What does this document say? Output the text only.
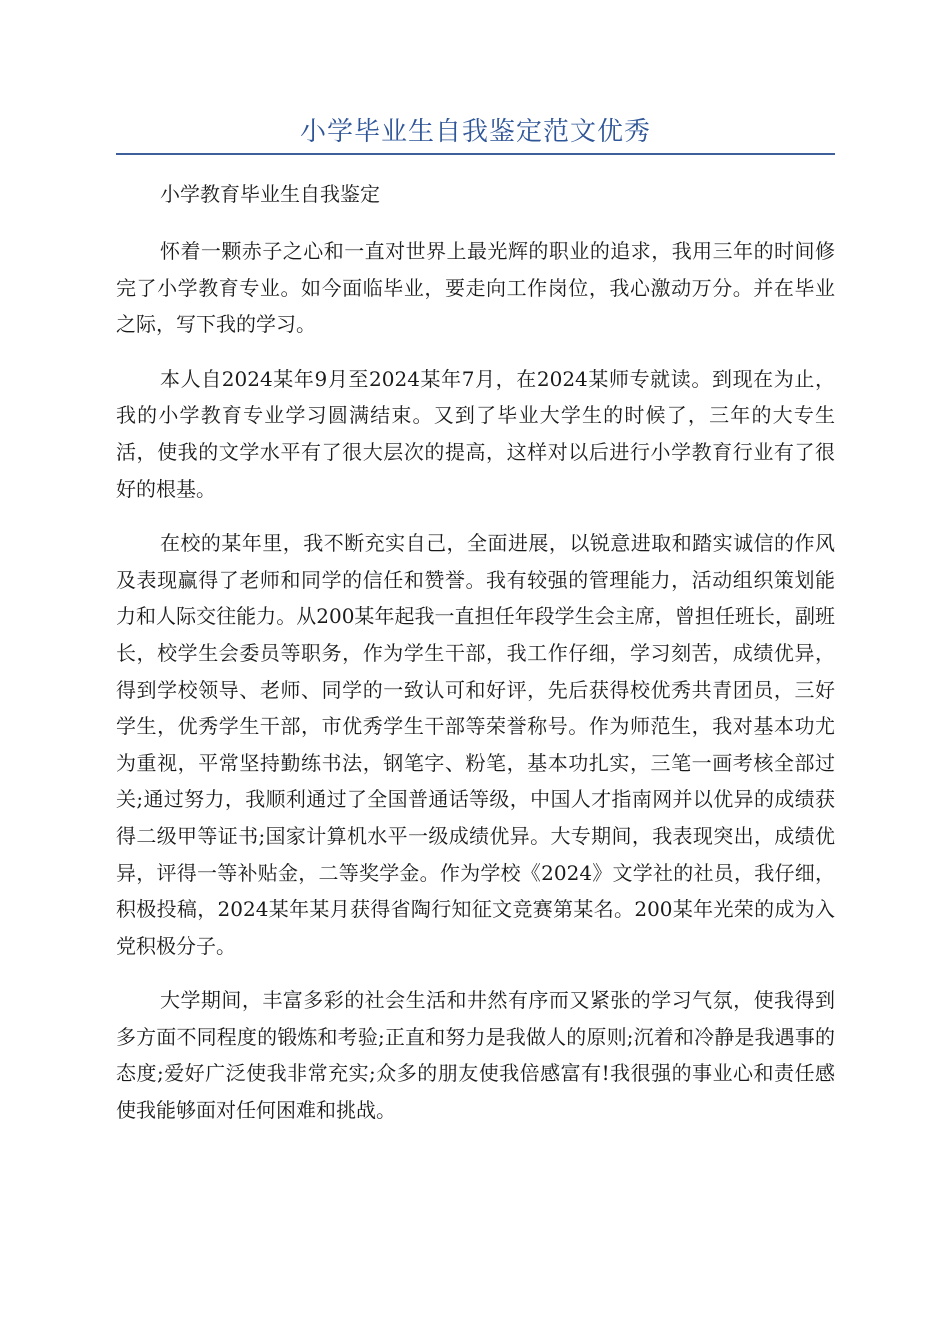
小学毕业生自我鉴定范文优秀

小学教育毕业生自我鉴定

怀着一颗赤子之心和一直对世界上最光辉的职业的追求，我用三年的时间修完了小学教育专业。如今面临毕业，要走向工作岗位，我心激动万分。并在毕业之际，写下我的学习。

本人自2024某年9月至2024某年7月，在2024某师专就读。到现在为止，我的小学教育专业学习圆满结束。又到了毕业大学生的时候了，三年的大专生活，使我的文学水平有了很大层次的提高，这样对以后进行小学教育行业有了很好的根基。

在校的某年里，我不断充实自己，全面进展，以锐意进取和踏实诚信的作风及表现赢得了老师和同学的信任和赞誉。我有较强的管理能力，活动组织策划能力和人际交往能力。从200某年起我一直担任年段学生会主席，曾担任班长，副班长，校学生会委员等职务，作为学生干部，我工作仔细，学习刻苦，成绩优异，得到学校领导、老师、同学的一致认可和好评，先后获得校优秀共青团员，三好学生，优秀学生干部，市优秀学生干部等荣誉称号。作为师范生，我对基本功尤为重视，平常坚持勤练书法，钢笔字、粉笔，基本功扎实，三笔一画考核全部过关;通过努力，我顺利通过了全国普通话等级，中国人才指南网并以优异的成绩获得二级甲等证书;国家计算机水平一级成绩优异。大专期间，我表现突出，成绩优异，评得一等补贴金，二等奖学金。作为学校《2024》文学社的社员，我仔细，积极投稿，2024某年某月获得省陶行知征文竞赛第某名。200某年光荣的成为入党积极分子。

大学期间，丰富多彩的社会生活和井然有序而又紧张的学习气氛，使我得到多方面不同程度的锻炼和考验;正直和努力是我做人的原则;沉着和冷静是我遇事的态度;爱好广泛使我非常充实;众多的朋友使我倍感富有!我很强的事业心和责任感使我能够面对任何困难和挑战。
